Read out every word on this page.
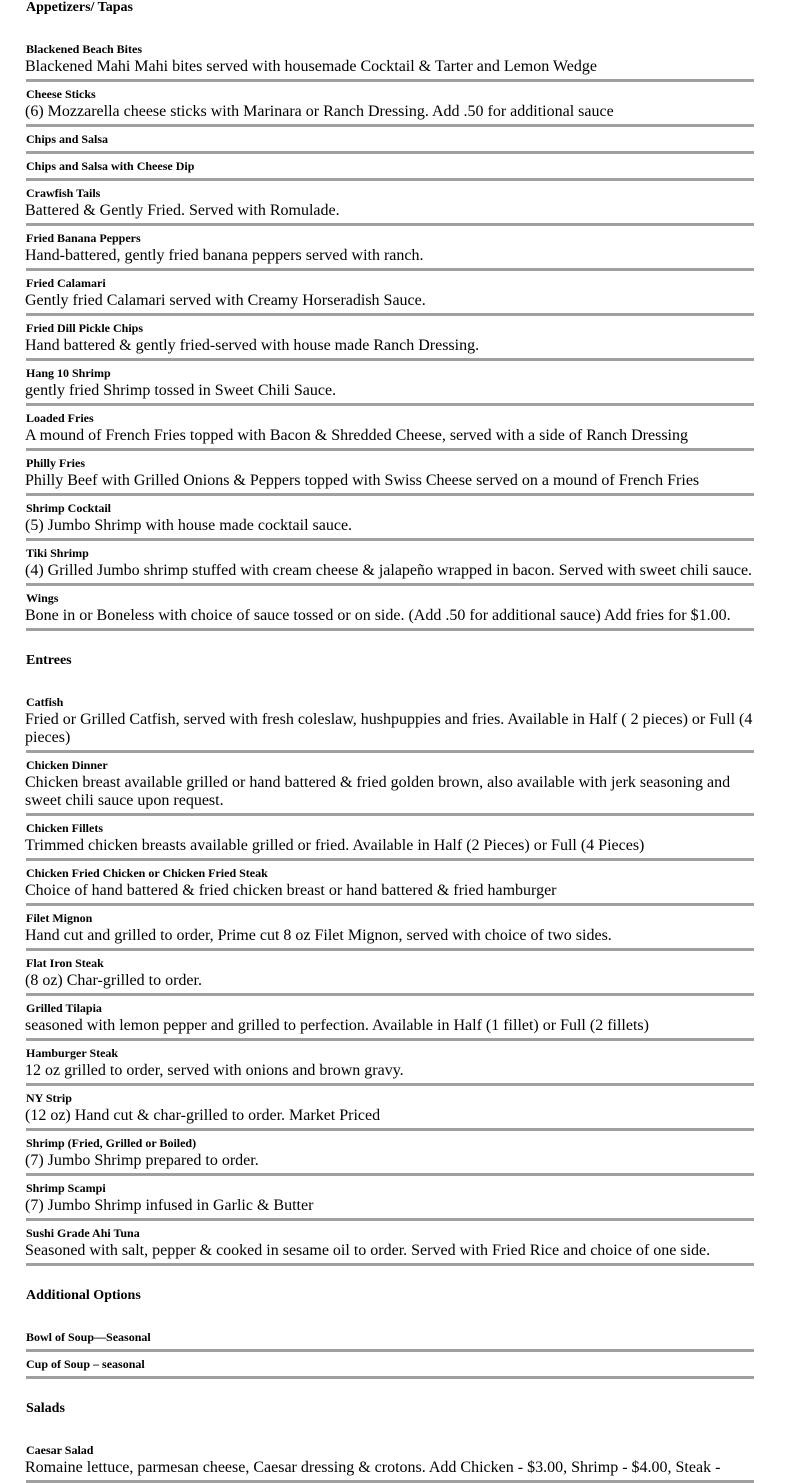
Appetizers/ Tapas
Blackened Beach Bites
Blackened Mahi Mahi bites served with housemade Cocktail & Tarter and Lemon Wedge
Cheese Sticks
(6) Mozzarella cheese sticks with Marinara or Ranch Dressing. Add .50 for additional sauce
Chips and Salsa
Chips and Salsa with Cheese Dip
Crawfish Tails
Battered & Gently Fried. Served with Romulade.
Fried Banana Peppers
Hand-battered, gently fried banana peppers served with ranch.
Fried Calamari
Gently fried Calamari served with Creamy Horseradish Sauce.
Fried Dill Pickle Chips
Hand battered & gently fried-served with house made Ranch Dressing.
Hang 10 Shrimp
gently fried Shrimp tossed in Sweet Chili Sauce.
Loaded Fries
A mound of French Fries topped with Bacon & Shredded Cheese, served with a side of Ranch Dressing
Philly Fries
Philly Beef with Grilled Onions & Peppers topped with Swiss Cheese served on a mound of French Fries
Shrimp Cocktail
(5) Jumbo Shrimp with house made cocktail sauce.
Tiki Shrimp
(4) Grilled Jumbo shrimp stuffed with cream cheese & jalapeño wrapped in bacon. Served with sweet chili sauce.
Wings
Bone in or Boneless with choice of sauce tossed or on side. (Add .50 for additional sauce) Add fries for $1.00.
Entrees
Catfish
Fried or Grilled Catfish, served with fresh coleslaw, hushpuppies and fries. Available in Half ( 2 pieces) or Full (4 pieces)
Chicken Dinner
Chicken breast available grilled or hand battered & fried golden brown, also available with jerk seasoning and sweet chili sauce upon request.
Chicken Fillets
Trimmed chicken breasts available grilled or fried. Available in Half (2 Pieces) or Full (4 Pieces)
Chicken Fried Chicken or Chicken Fried Steak
Choice of hand battered & fried chicken breast or hand battered & fried hamburger
Filet Mignon
Hand cut and grilled to order, Prime cut 8 oz Filet Mignon, served with choice of two sides.
Flat Iron Steak
(8 oz) Char-grilled to order.
Grilled Tilapia
seasoned with lemon pepper and grilled to perfection. Available in Half (1 fillet) or Full (2 fillets)
Hamburger Steak
12 oz grilled to order, served with onions and brown gravy.
NY Strip
(12 oz) Hand cut & char-grilled to order. Market Priced
Shrimp (Fried, Grilled or Boiled)
(7) Jumbo Shrimp prepared to order.
Shrimp Scampi
(7) Jumbo Shrimp infused in Garlic & Butter
Sushi Grade Ahi Tuna
Seasoned with salt, pepper & cooked in sesame oil to order. Served with Fried Rice and choice of one side.
Additional Options
Bowl of Soup—Seasonal
Cup of Soup – seasonal
Salads
Caesar Salad
Romaine lettuce, parmesan cheese, Caesar dressing & crotons. Add Chicken - $3.00, Shrimp - $4.00, Steak -
